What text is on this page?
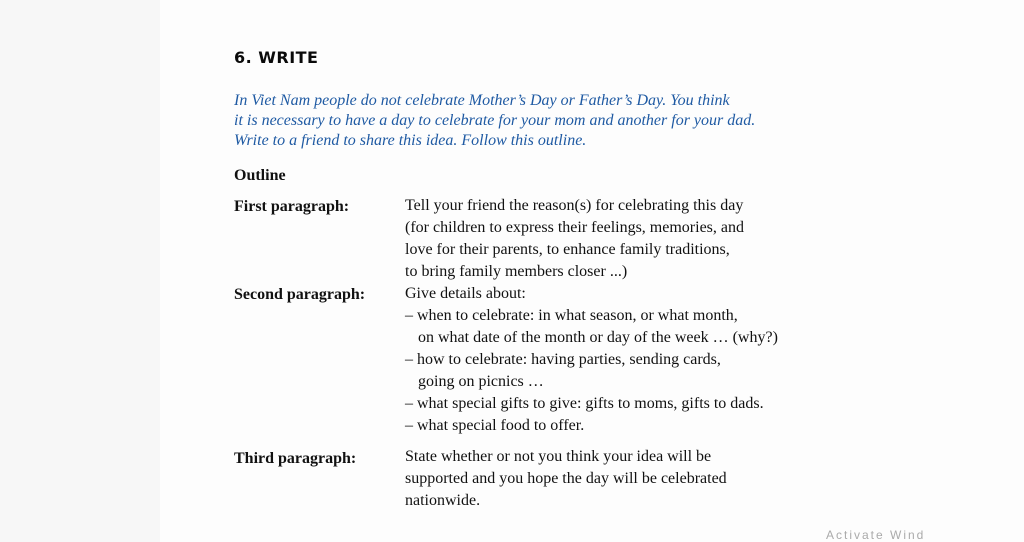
6. WRITE
In Viet Nam people do not celebrate Mother’s Day or Father’s Day. You think
it is necessary to have a day to celebrate for your mom and another for your dad.
Write to a friend to share this idea. Follow this outline.
Outline
First paragraph:	Tell your friend the reason(s) for celebrating this day
(for children to express their feelings, memories, and
love for their parents, to enhance family traditions,
to bring family members closer ...)
Second paragraph: Give details about:
– when to celebrate: in what season, or what month,
on what date of the month or day of the week … (why?)
– how to celebrate: having parties, sending cards,
going on picnics …
– what special gifts to give: gifts to moms, gifts to dads.
– what special food to offer.
Third paragraph:	State whether or not you think your idea will be
supported and you hope the day will be celebrated
nationwide.
Activate Wind
